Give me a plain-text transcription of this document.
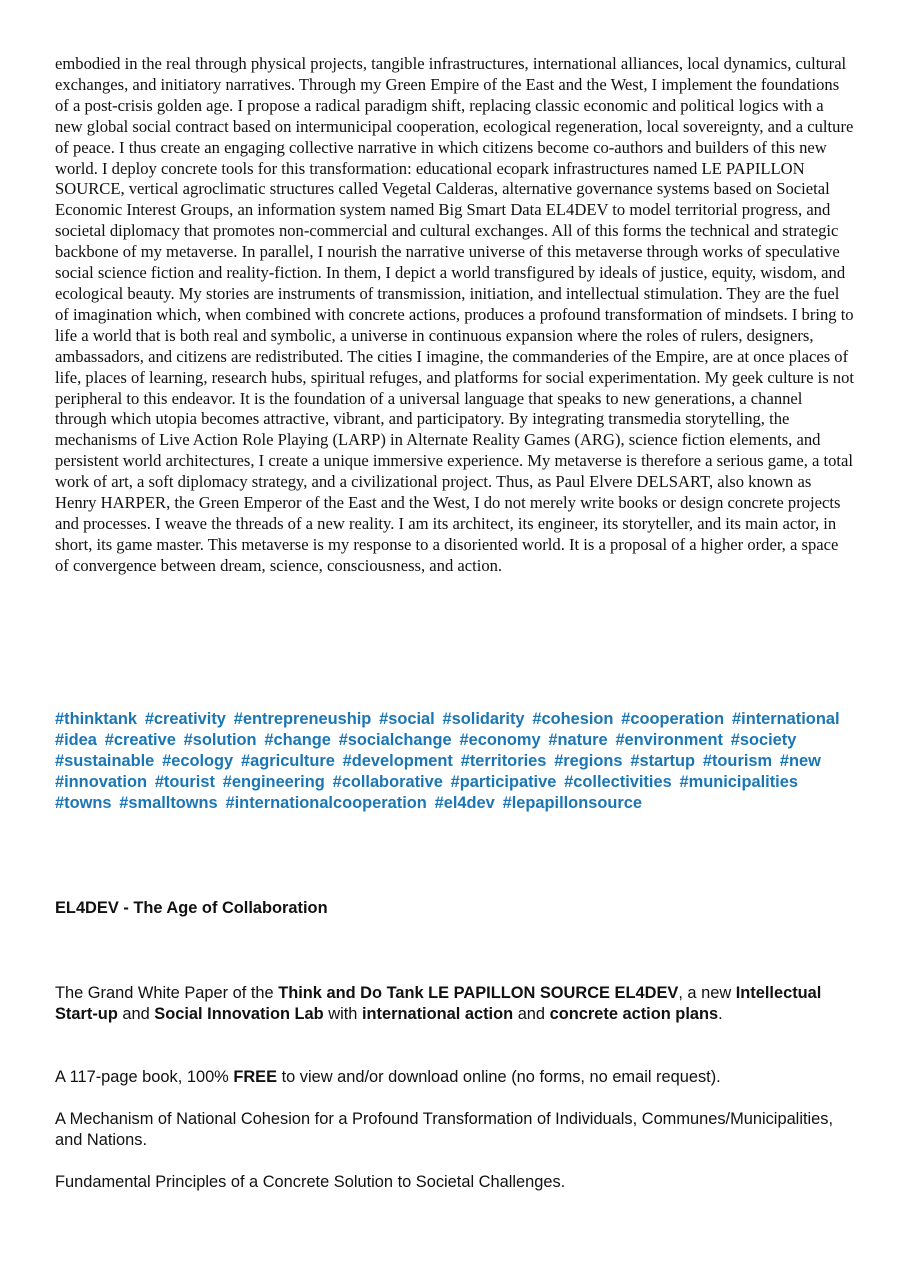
embodied in the real through physical projects, tangible infrastructures, international alliances, local dynamics, cultural exchanges, and initiatory narratives. Through my Green Empire of the East and the West, I implement the foundations of a post-crisis golden age. I propose a radical paradigm shift, replacing classic economic and political logics with a new global social contract based on intermunicipal cooperation, ecological regeneration, local sovereignty, and a culture of peace. I thus create an engaging collective narrative in which citizens become co-authors and builders of this new world. I deploy concrete tools for this transformation: educational ecopark infrastructures named LE PAPILLON SOURCE, vertical agroclimatic structures called Vegetal Calderas, alternative governance systems based on Societal Economic Interest Groups, an information system named Big Smart Data EL4DEV to model territorial progress, and societal diplomacy that promotes non-commercial and cultural exchanges. All of this forms the technical and strategic backbone of my metaverse. In parallel, I nourish the narrative universe of this metaverse through works of speculative social science fiction and reality-fiction. In them, I depict a world transfigured by ideals of justice, equity, wisdom, and ecological beauty. My stories are instruments of transmission, initiation, and intellectual stimulation. They are the fuel of imagination which, when combined with concrete actions, produces a profound transformation of mindsets. I bring to life a world that is both real and symbolic, a universe in continuous expansion where the roles of rulers, designers, ambassadors, and citizens are redistributed. The cities I imagine, the commanderies of the Empire, are at once places of life, places of learning, research hubs, spiritual refuges, and platforms for social experimentation. My geek culture is not peripheral to this endeavor. It is the foundation of a universal language that speaks to new generations, a channel through which utopia becomes attractive, vibrant, and participatory. By integrating transmedia storytelling, the mechanisms of Live Action Role Playing (LARP) in Alternate Reality Games (ARG), science fiction elements, and persistent world architectures, I create a unique immersive experience. My metaverse is therefore a serious game, a total work of art, a soft diplomacy strategy, and a civilizational project. Thus, as Paul Elvere DELSART, also known as Henry HARPER, the Green Emperor of the East and the West, I do not merely write books or design concrete projects and processes. I weave the threads of a new reality. I am its architect, its engineer, its storyteller, and its main actor, in short, its game master. This metaverse is my response to a disoriented world. It is a proposal of a higher order, a space of convergence between dream, science, consciousness, and action.

#thinktank #creativity #entrepreneuship #social #solidarity #cohesion #cooperation #international #idea #creative #solution #change #socialchange #economy #nature #environment #society #sustainable #ecology #agriculture #development #territories #regions #startup #tourism #new #innovation #tourist #engineering #collaborative #participative #collectivities #municipalities #towns #smalltowns #internationalcooperation #el4dev #lepapillonsource

EL4DEV - The Age of Collaboration

The Grand White Paper of the Think and Do Tank LE PAPILLON SOURCE EL4DEV, a new Intellectual Start-up and Social Innovation Lab with international action and concrete action plans.

A 117-page book, 100% FREE to view and/or download online (no forms, no email request).

A Mechanism of National Cohesion for a Profound Transformation of Individuals, Communes/Municipalities, and Nations.

Fundamental Principles of a Concrete Solution to Societal Challenges.
